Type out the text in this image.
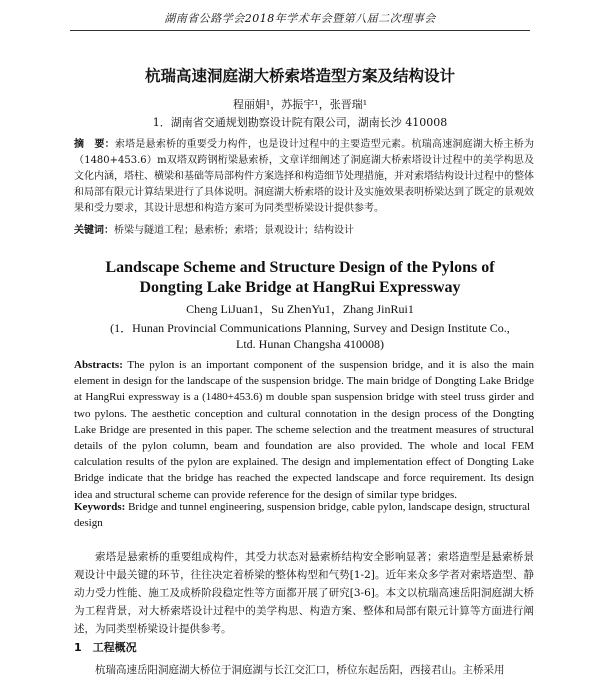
湖南省公路学会2018年学术年会暨第八届二次理事会
杭瑞高速洞庭湖大桥索塔造型方案及结构设计
程丽娟¹，苏振宇¹，张晋瑞¹
1．湖南省交通规划勘察设计院有限公司，湖南长沙 410008
摘　要：索塔是悬索桥的重要受力构件，也是设计过程中的主要造型元素。杭瑞高速洞庭湖大桥主桥为（1480+453.6）m双塔双跨钢桁梁悬索桥，文章详细阐述了洞庭湖大桥索塔设计过程中的美学构思及文化内涵，塔柱、横梁和基础等局部构件方案选择和构造细节处理措施，并对索塔结构设计过程中的整体和局部有限元计算结果进行了具体说明。洞庭湖大桥索塔的设计及实施效果表明桥梁达到了既定的景观效果和受力要求，其设计思想和构造方案可为同类型桥梁设计提供参考。
关键词：桥梁与隧道工程；悬索桥；索塔；景观设计；结构设计
Landscape Scheme and Structure Design of the Pylons of Dongting Lake Bridge at HangRui Expressway
Cheng LiJuan1，Su ZhenYu1，Zhang JinRui1
(1．Hunan Provincial Communications Planning, Survey and Design Institute Co., Ltd. Hunan Changsha 410008)
Abstracts: The pylon is an important component of the suspension bridge, and it is also the main element in design for the landscape of the suspension bridge. The main bridge of Dongting Lake Bridge at HangRui expressway is a (1480+453.6) m double span suspension bridge with steel truss girder and two pylons. The aesthetic conception and cultural connotation in the design process of the Dongting Lake Bridge are presented in this paper. The scheme selection and the treatment measures of structural details of the pylon column, beam and foundation are also provided. The whole and local FEM calculation results of the pylon are explained. The design and implementation effect of Dongting Lake Bridge indicate that the bridge has reached the expected landscape and force requirement. Its design idea and structural scheme can provide reference for the design of similar type bridges.
Keywords: Bridge and tunnel engineering, suspension bridge, cable pylon, landscape design, structural design
索塔是悬索桥的重要组成构件，其受力状态对悬索桥结构安全影响显著；索塔造型是悬索桥景观设计中最关键的环节，往往决定着桥梁的整体构型和气势[1-2]。近年来众多学者对索塔造型、静动力受力性能、施工及成桥阶段稳定性等方面都开展了研究[3-6]。本文以杭瑞高速岳阳洞庭湖大桥为工程背景，对大桥索塔设计过程中的美学构思、构造方案、整体和局部有限元计算等方面进行阐述，为同类型桥梁设计提供参考。
1　工程概况
杭瑞高速岳阳洞庭湖大桥位于洞庭湖与长江交汇口，桥位东起岳阳，西接君山。主桥采用
